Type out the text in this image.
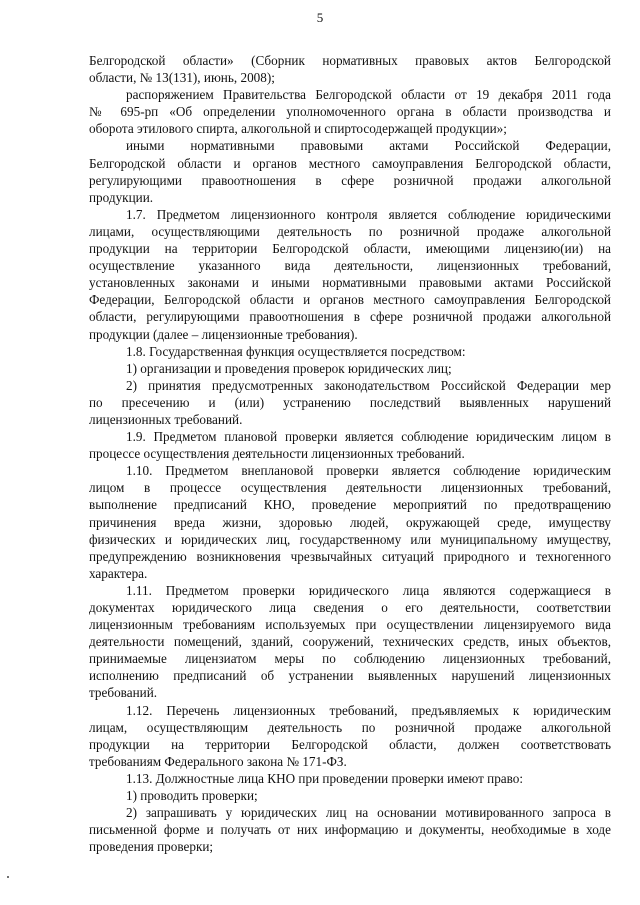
5
Белгородской области» (Сборник нормативных правовых актов Белгородской
области, № 13(131), июнь, 2008);
распоряжением Правительства Белгородской области от 19 декабря 2011 года
№ 695-рп «Об определении уполномоченного органа в области производства и
оборота этилового спирта, алкогольной и спиртосодержащей продукции»;
иными нормативными правовыми актами Российской Федерации,
Белгородской области и органов местного самоуправления Белгородской области,
регулирующими правоотношения в сфере розничной продажи алкогольной
продукции.
1.7. Предметом лицензионного контроля является соблюдение юридическими
лицами, осуществляющими деятельность по розничной продаже алкогольной
продукции на территории Белгородской области, имеющими лицензию(ии) на
осуществление указанного вида деятельности, лицензионных требований,
установленных законами и иными нормативными правовыми актами Российской
Федерации, Белгородской области и органов местного самоуправления Белгородской
области, регулирующими правоотношения в сфере розничной продажи алкогольной
продукции (далее – лицензионные требования).
1.8. Государственная функция осуществляется посредством:
1) организации и проведения проверок юридических лиц;
2) принятия предусмотренных законодательством Российской Федерации мер
по пресечению и (или) устранению последствий выявленных нарушений
лицензионных требований.
1.9. Предметом плановой проверки является соблюдение юридическим лицом в
процессе осуществления деятельности лицензионных требований.
1.10. Предметом внеплановой проверки является соблюдение юридическим
лицом в процессе осуществления деятельности лицензионных требований,
выполнение предписаний КНО, проведение мероприятий по предотвращению
причинения вреда жизни, здоровью людей, окружающей среде, имуществу
физических и юридических лиц, государственному или муниципальному имуществу,
предупреждению возникновения чрезвычайных ситуаций природного и техногенного
характера.
1.11. Предметом проверки юридического лица являются содержащиеся в
документах юридического лица сведения о его деятельности, соответствии
лицензионным требованиям используемых при осуществлении лицензируемого вида
деятельности помещений, зданий, сооружений, технических средств, иных объектов,
принимаемые лицензиатом меры по соблюдению лицензионных требований,
исполнению предписаний об устранении выявленных нарушений лицензионных
требований.
1.12. Перечень лицензионных требований, предъявляемых к юридическим
лицам, осуществляющим деятельность по розничной продаже алкогольной
продукции на территории Белгородской области, должен соответствовать
требованиям Федерального закона № 171-ФЗ.
1.13. Должностные лица КНО при проведении проверки имеют право:
1) проводить проверки;
2) запрашивать у юридических лиц на основании мотивированного запроса в
письменной форме и получать от них информацию и документы, необходимые в ходе
проведения проверки;
